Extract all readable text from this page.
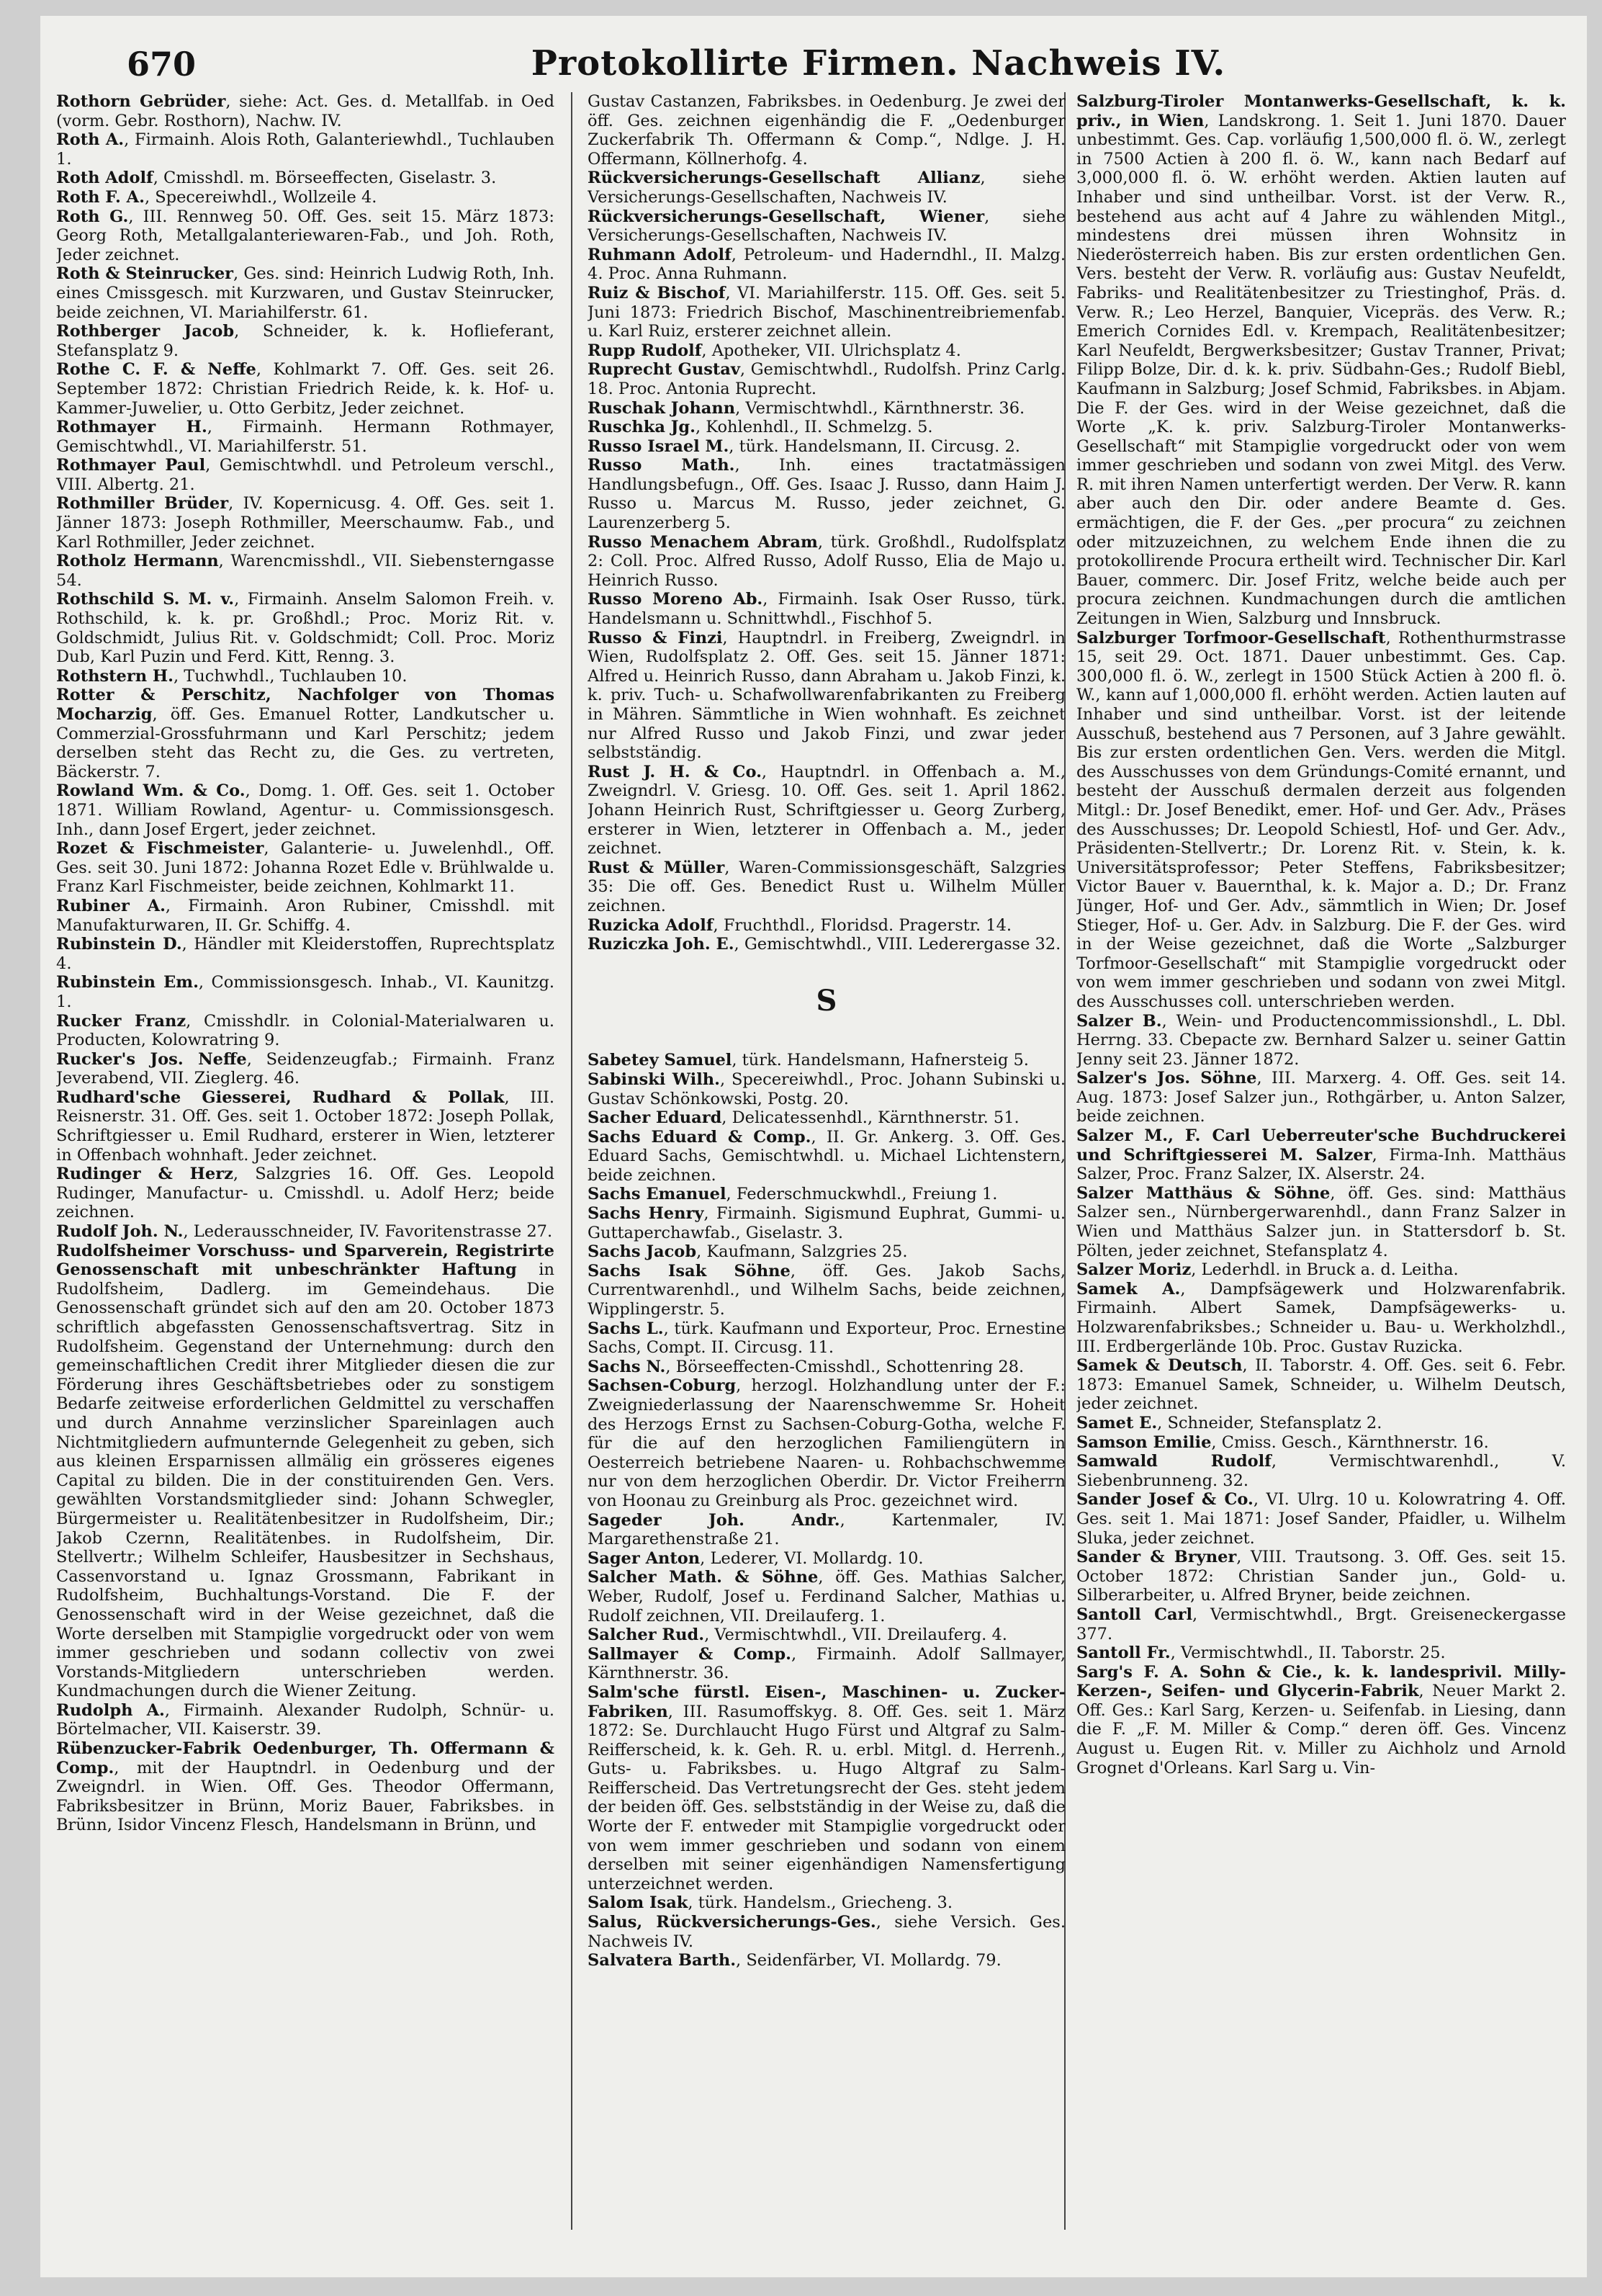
670	Protokollirte Firmen. Nachweis IV.
Rothorn Gebrüder, siehe: Act. Ges. d. Metallfab. in Oed (vorm. Gebr. Rosthorn), Nachw. IV.
Roth A., Firmainh. Alois Roth, Galanteriewhdl., Tuchlauben 1.
Roth Adolf, Cmisshdl. m. Börseeffecten, Giselastr. 3.
Roth F. A., Specereiwhdl., Wollzeile 4.
Roth G., III. Rennweg 50. Off. Ges. seit 15. März 1873: Georg Roth, Metallgalanteriewaren-Fab., und Joh. Roth, Jeder zeichnet.
Roth & Steinrucker, Ges. sind: Heinrich Ludwig Roth, Inh. eines Cmissgesch. mit Kurzwaren, und Gustav Steinrucker, beide zeichnen, VI. Mariahilferstr. 61.
Rothberger Jacob, Schneider, k. k. Hoflieferant, Stefansplatz 9.
Rothe C. F. & Neffe, Kohlmarkt 7. Off. Ges. seit 26. September 1872: Christian Friedrich Reide, k. k. Hof- u. Kammer-Juwelier, u. Otto Gerbitz, Jeder zeichnet.
Rothmayer H., Firmainh. Hermann Rothmayer, Gemischtwhdl., VI. Mariahilferstr. 51.
Rothmayer Paul, Gemischtwhdl. und Petroleum verschl., VIII. Albertg. 21.
Rothmiller Brüder, IV. Kopernicusg. 4. Off. Ges. seit 1. Jänner 1873: Joseph Rothmiller, Meerschaumw. Fab., und Karl Rothmiller, Jeder zeichnet.
Rotholz Hermann, Warencmisshdl., VII. Siebensterngasse 54.
Rothschild S. M. v., Firmainh. Anselm Salomon Freih. v. Rothschild, k. k. pr. Großhdl.; Proc. Moriz Rit. v. Goldschmidt, Julius Rit. v. Goldschmidt; Coll. Proc. Moriz Dub, Karl Puzin und Ferd. Kitt, Renng. 3.
Rothstern H., Tuchwhdl., Tuchlauben 10.
Rotter & Perschitz, Nachfolger von Thomas Mocharzig, öff. Ges. Emanuel Rotter, Landkutscher u. Commerzial-Grossfuhrmann und Karl Perschitz; jedem derselben steht das Recht zu, die Ges. zu vertreten, Bäckerstr. 7.
Rowland Wm. & Co., Domg. 1. Off. Ges. seit 1. October 1871. William Rowland, Agentur- u. Commissionsgesch. Inh., dann Josef Ergert, jeder zeichnet.
Rozet & Fischmeister, Galanterie- u. Juwelenhdl., Off. Ges. seit 30. Juni 1872: Johanna Rozet Edle v. Brühlwalde u. Franz Karl Fischmeister, beide zeichnen, Kohlmarkt 11.
Rubiner A., Firmainh. Aron Rubiner, Cmisshdl. mit Manufakturwaren, II. Gr. Schiffg. 4.
Rubinstein D., Händler mit Kleiderstoffen, Ruprechtsplatz 4.
Rubinstein Em., Commissionsgesch. Inhab., VI. Kaunitzg. 1.
Rucker Franz, Cmisshdlr. in Colonial-Materialwaren u. Producten, Kolowratring 9.
Rucker's Jos. Neffe, Seidenzeugfab.; Firmainh. Franz Jeverabend, VII. Zieglerg. 46.
Rudhard'sche Giesserei, Rudhard & Pollak, III. Reisnerstr. 31. Off. Ges. seit 1. October 1872: Joseph Pollak, Schriftgiesser u. Emil Rudhard, ersterer in Wien, letzterer in Offenbach wohnhaft. Jeder zeichnet.
Rudinger & Herz, Salzgries 16. Off. Ges. Leopold Rudinger, Manufactur- u. Cmisshdl. u. Adolf Herz; beide zeichnen.
Rudolf Joh. N., Lederausschneider, IV. Favoritenstrasse 27.
Rudolfsheimer Vorschuss- und Sparverein, Registrirte Genossenschaft mit unbeschränkter Haftung in Rudolfsheim, Dadlerg. im Gemeindehaus. Die Genossenschaft gründet sich auf den am 20. October 1873 schriftlich abgefassten Genossenschaftsvertrag. Sitz in Rudolfsheim. Gegenstand der Unternehmung: durch den gemeinschaftlichen Credit ihrer Mitglieder diesen die zur Förderung ihres Geschäftsbetriebes oder zu sonstigem Bedarfe zeitweise erforderlichen Geldmittel zu verschaffen und durch Annahme verzinslicher Spareinlagen auch Nichtmitgliedern aufmunternde Gelegenheit zu geben, sich aus kleinen Ersparnissen allmälig ein grösseres eigenes Capital zu bilden. Die in der constituirenden Gen. Vers. gewählten Vorstandsmitglieder sind: Johann Schwegler, Bürgermeister u. Realitätenbesitzer in Rudolfsheim, Dir.; Jakob Czernn, Realitätenbes. in Rudolfsheim, Dir. Stellvertr.; Wilhelm Schleifer, Hausbesitzer in Sechshaus, Cassenvorstand u. Ignaz Grossmann, Fabrikant in Rudolfsheim, Buchhaltungs-Vorstand. Die F. der Genossenschaft wird in der Weise gezeichnet, daß die Worte derselben mit Stampiglie vorgedruckt oder von wem immer geschrieben und sodann collectiv von zwei Vorstands-Mitgliedern unterschrieben werden. Kundmachungen durch die Wiener Zeitung.
Rudolph A., Firmainh. Alexander Rudolph, Schnür- u. Börtelmacher, VII. Kaiserstr. 39.
Rübenzucker-Fabrik Oedenburger, Th. Offermann & Comp., mit der Hauptndrl. in Oedenburg und der Zweigndrl. in Wien. Off. Ges. Theodor Offermann, Fabriksbesitzer in Brünn, Moriz Bauer, Fabriksbes. in Brünn, Isidor Vincenz Flesch, Handelsmann in Brünn, und
Gustav Castanzen, Fabriksbes. in Oedenburg. Je zwei der öff. Ges. zeichnen eigenhändig die F. „Oedenburger Zuckerfabrik Th. Offermann & Comp.“, Ndlge. J. H. Offermann, Köllnerhofg. 4.
Rückversicherungs-Gesellschaft Allianz, siehe Versicherungs-Gesellschaften, Nachweis IV.
Rückversicherungs-Gesellschaft, Wiener, siehe Versicherungs-Gesellschaften, Nachweis IV.
Ruhmann Adolf, Petroleum- und Haderndhl., II. Malzg. 4. Proc. Anna Ruhmann.
Ruiz & Bischof, VI. Mariahilferstr. 115. Off. Ges. seit 5. Juni 1873: Friedrich Bischof, Maschinentreibriemenfab. u. Karl Ruiz, ersterer zeichnet allein.
Rupp Rudolf, Apotheker, VII. Ulrichsplatz 4.
Ruprecht Gustav, Gemischtwhdl., Rudolfsh. Prinz Carlg. 18. Proc. Antonia Ruprecht.
Ruschak Johann, Vermischtwhdl., Kärnthnerstr. 36.
Ruschka Jg., Kohlenhdl., II. Schmelzg. 5.
Russo Israel M., türk. Handelsmann, II. Circusg. 2.
Russo Math., Inh. eines tractatmässigen Handlungsbefugn., Off. Ges. Isaac J. Russo, dann Haim J. Russo u. Marcus M. Russo, jeder zeichnet, G. Laurenzerberg 5.
Russo Menachem Abram, türk. Großhdl., Rudolfsplatz 2: Coll. Proc. Alfred Russo, Adolf Russo, Elia de Majo u. Heinrich Russo.
Russo Moreno Ab., Firmainh. Isak Oser Russo, türk. Handelsmann u. Schnittwhdl., Fischhof 5.
Russo & Finzi, Hauptndrl. in Freiberg, Zweigndrl. in Wien, Rudolfsplatz 2. Off. Ges. seit 15. Jänner 1871: Alfred u. Heinrich Russo, dann Abraham u. Jakob Finzi, k. k. priv. Tuch- u. Schafwollwarenfabrikanten zu Freiberg in Mähren. Sämmtliche in Wien wohnhaft. Es zeichnet nur Alfred Russo und Jakob Finzi, und zwar jeder selbstständig.
Rust J. H. & Co., Hauptndrl. in Offenbach a. M., Zweigndrl. V. Griesg. 10. Off. Ges. seit 1. April 1862. Johann Heinrich Rust, Schriftgiesser u. Georg Zurberg, ersterer in Wien, letzterer in Offenbach a. M., jeder zeichnet.
Rust & Müller, Waren-Commissionsgeschäft, Salzgries 35: Die off. Ges. Benedict Rust u. Wilhelm Müller zeichnen.
Ruzicka Adolf, Fruchthdl., Floridsd. Pragerstr. 14.
Ruziczka Joh. E., Gemischtwhdl., VIII. Lederergasse 32.
S
Sabetey Samuel, türk. Handelsmann, Hafnersteig 5.
Sabinski Wilh., Specereiwhdl., Proc. Johann Subinski u. Gustav Schönkowski, Postg. 20.
Sacher Eduard, Delicatessenhdl., Kärnthnerstr. 51.
Sachs Eduard & Comp., II. Gr. Ankerg. 3. Off. Ges. Eduard Sachs, Gemischtwhdl. u. Michael Lichtenstern, beide zeichnen.
Sachs Emanuel, Federschmuckwhdl., Freiung 1.
Sachs Henry, Firmainh. Sigismund Euphrat, Gummi- u. Guttaperchawfab., Giselastr. 3.
Sachs Jacob, Kaufmann, Salzgries 25.
Sachs Isak Söhne, öff. Ges. Jakob Sachs, Currentwarenhdl., und Wilhelm Sachs, beide zeichnen, Wipplingerstr. 5.
Sachs L., türk. Kaufmann und Exporteur, Proc. Ernestine Sachs, Compt. II. Circusg. 11.
Sachs N., Börseeffecten-Cmisshdl., Schottenring 28.
Sachsen-Coburg, herzogl. Holzhandlung unter der F.: Zweigniederlassung der Naarenschwemme Sr. Hoheit des Herzogs Ernst zu Sachsen-Coburg-Gotha, welche F. für die auf den herzoglichen Familiengütern in Oesterreich betriebene Naaren- u. Rohbachschwemme nur von dem herzoglichen Oberdir. Dr. Victor Freiherrn von Hoonau zu Greinburg als Proc. gezeichnet wird.
Sageder Joh. Andr., Kartenmaler, IV. Margarethenstraße 21.
Sager Anton, Lederer, VI. Mollardg. 10.
Salcher Math. & Söhne, öff. Ges. Mathias Salcher, Weber, Rudolf, Josef u. Ferdinand Salcher, Mathias u. Rudolf zeichnen, VII. Dreilauferg. 1.
Salcher Rud., Vermischtwhdl., VII. Dreilauferg. 4.
Sallmayer & Comp., Firmainh. Adolf Sallmayer, Kärnthnerstr. 36.
Salm'sche fürstl. Eisen-, Maschinen- u. Zucker-Fabriken, III. Rasumoffskyg. 8. Off. Ges. seit 1. März 1872: Se. Durchlaucht Hugo Fürst und Altgraf zu Salm-Reifferscheid, k. k. Geh. R. u. erbl. Mitgl. d. Herrenh., Guts- u. Fabriksbes. u. Hugo Altgraf zu Salm-Reifferscheid. Das Vertretungsrecht der Ges. steht jedem der beiden öff. Ges. selbstständig in der Weise zu, daß die Worte der F. entweder mit Stampiglie vorgedruckt oder von wem immer geschrieben und sodann von einem derselben mit seiner eigenhändigen Namensfertigung unterzeichnet werden.
Salom Isak, türk. Handelsm., Griecheng. 3.
Salus, Rückversicherungs-Ges., siehe Versich. Ges. Nachweis IV.
Salvatera Barth., Seidenfärber, VI. Mollardg. 79.
Salzburg-Tiroler Montanwerks-Gesellschaft, k. k. priv., in Wien, Landskrong. 1. Seit 1. Juni 1870. Dauer unbestimmt. Ges. Cap. vorläufig 1,500,000 fl. ö. W., zerlegt in 7500 Actien à 200 fl. ö. W., kann nach Bedarf auf 3,000,000 fl. ö. W. erhöht werden. Aktien lauten auf Inhaber und sind untheilbar. Vorst. ist der Verw. R., bestehend aus acht auf 4 Jahre zu wählenden Mitgl., mindestens drei müssen ihren Wohnsitz in Niederösterreich haben. Bis zur ersten ordentlichen Gen. Vers. besteht der Verw. R. vorläufig aus: Gustav Neufeldt, Fabriks- und Realitätenbesitzer zu Triestinghof, Präs. d. Verw. R.; Leo Herzel, Banquier, Vicepräs. des Verw. R.; Emerich Cornides Edl. v. Krempach, Realitätenbesitzer; Karl Neufeldt, Bergwerksbesitzer; Gustav Tranner, Privat; Filipp Bolze, Dir. d. k. k. priv. Südbahn-Ges.; Rudolf Biebl, Kaufmann in Salzburg; Josef Schmid, Fabriksbes. in Abjam. Die F. der Ges. wird in der Weise gezeichnet, daß die Worte „K. k. priv. Salzburg-Tiroler Montanwerks-Gesellschaft“ mit Stampiglie vorgedruckt oder von wem immer geschrieben und sodann von zwei Mitgl. des Verw. R. mit ihren Namen unterfertigt werden. Der Verw. R. kann aber auch den Dir. oder andere Beamte d. Ges. ermächtigen, die F. der Ges. „per procura“ zu zeichnen oder mitzuzeichnen, zu welchem Ende ihnen die zu protokollirende Procura ertheilt wird. Technischer Dir. Karl Bauer, commerc. Dir. Josef Fritz, welche beide auch per procura zeichnen. Kundmachungen durch die amtlichen Zeitungen in Wien, Salzburg und Innsbruck.
Salzburger Torfmoor-Gesellschaft, Rothenthurmstrasse 15, seit 29. Oct. 1871. Dauer unbestimmt. Ges. Cap. 300,000 fl. ö. W., zerlegt in 1500 Stück Actien à 200 fl. ö. W., kann auf 1,000,000 fl. erhöht werden. Actien lauten auf Inhaber und sind untheilbar. Vorst. ist der leitende Ausschuß, bestehend aus 7 Personen, auf 3 Jahre gewählt. Bis zur ersten ordentlichen Gen. Vers. werden die Mitgl. des Ausschusses von dem Gründungs-Comité ernannt, und besteht der Ausschuß dermalen derzeit aus folgenden Mitgl.: Dr. Josef Benedikt, emer. Hof- und Ger. Adv., Präses des Ausschusses; Dr. Leopold Schiestl, Hof- und Ger. Adv., Präsidenten-Stellvertr.; Dr. Lorenz Rit. v. Stein, k. k. Universitätsprofessor; Peter Steffens, Fabriksbesitzer; Victor Bauer v. Bauernthal, k. k. Major a. D.; Dr. Franz Jünger, Hof- und Ger. Adv., sämmtlich in Wien; Dr. Josef Stieger, Hof- u. Ger. Adv. in Salzburg. Die F. der Ges. wird in der Weise gezeichnet, daß die Worte „Salzburger Torfmoor-Gesellschaft“ mit Stampiglie vorgedruckt oder von wem immer geschrieben und sodann von zwei Mitgl. des Ausschusses coll. unterschrieben werden.
Salzer B., Wein- und Productencommissionshdl., L. Dbl. Herrng. 33. Cbepacte zw. Bernhard Salzer u. seiner Gattin Jenny seit 23. Jänner 1872.
Salzer's Jos. Söhne, III. Marxerg. 4. Off. Ges. seit 14. Aug. 1873: Josef Salzer jun., Rothgärber, u. Anton Salzer, beide zeichnen.
Salzer M., F. Carl Ueberreuter'sche Buchdruckerei und Schriftgiesserei M. Salzer, Firma-Inh. Matthäus Salzer, Proc. Franz Salzer, IX. Alserstr. 24.
Salzer Matthäus & Söhne, öff. Ges. sind: Matthäus Salzer sen., Nürnbergerwarenhdl., dann Franz Salzer in Wien und Matthäus Salzer jun. in Stattersdorf b. St. Pölten, jeder zeichnet, Stefansplatz 4.
Salzer Moriz, Lederhdl. in Bruck a. d. Leitha.
Samek A., Dampfsägewerk und Holzwarenfabrik. Firmainh. Albert Samek, Dampfsägewerks- u. Holzwarenfabriksbes.; Schneider u. Bau- u. Werkholzhdl., III. Erdbergerlände 10b. Proc. Gustav Ruzicka.
Samek & Deutsch, II. Taborstr. 4. Off. Ges. seit 6. Febr. 1873: Emanuel Samek, Schneider, u. Wilhelm Deutsch, jeder zeichnet.
Samet E., Schneider, Stefansplatz 2.
Samson Emilie, Cmiss. Gesch., Kärnthnerstr. 16.
Samwald Rudolf, Vermischtwarenhdl., V. Siebenbrunneng. 32.
Sander Josef & Co., VI. Ulrg. 10 u. Kolowratring 4. Off. Ges. seit 1. Mai 1871: Josef Sander, Pfaidler, u. Wilhelm Sluka, jeder zeichnet.
Sander & Bryner, VIII. Trautsong. 3. Off. Ges. seit 15. October 1872: Christian Sander jun., Gold- u. Silberarbeiter, u. Alfred Bryner, beide zeichnen.
Santoll Carl, Vermischtwhdl., Brgt. Greiseneckergasse 377.
Santoll Fr., Vermischtwhdl., II. Taborstr. 25.
Sarg's F. A. Sohn & Cie., k. k. landesprivil. Milly-Kerzen-, Seifen- und Glycerin-Fabrik, Neuer Markt 2. Off. Ges.: Karl Sarg, Kerzen- u. Seifenfab. in Liesing, dann die F. „F. M. Miller & Comp.“ deren öff. Ges. Vincenz August u. Eugen Rit. v. Miller zu Aichholz und Arnold Grognet d'Orleans. Karl Sarg u. Vin-
